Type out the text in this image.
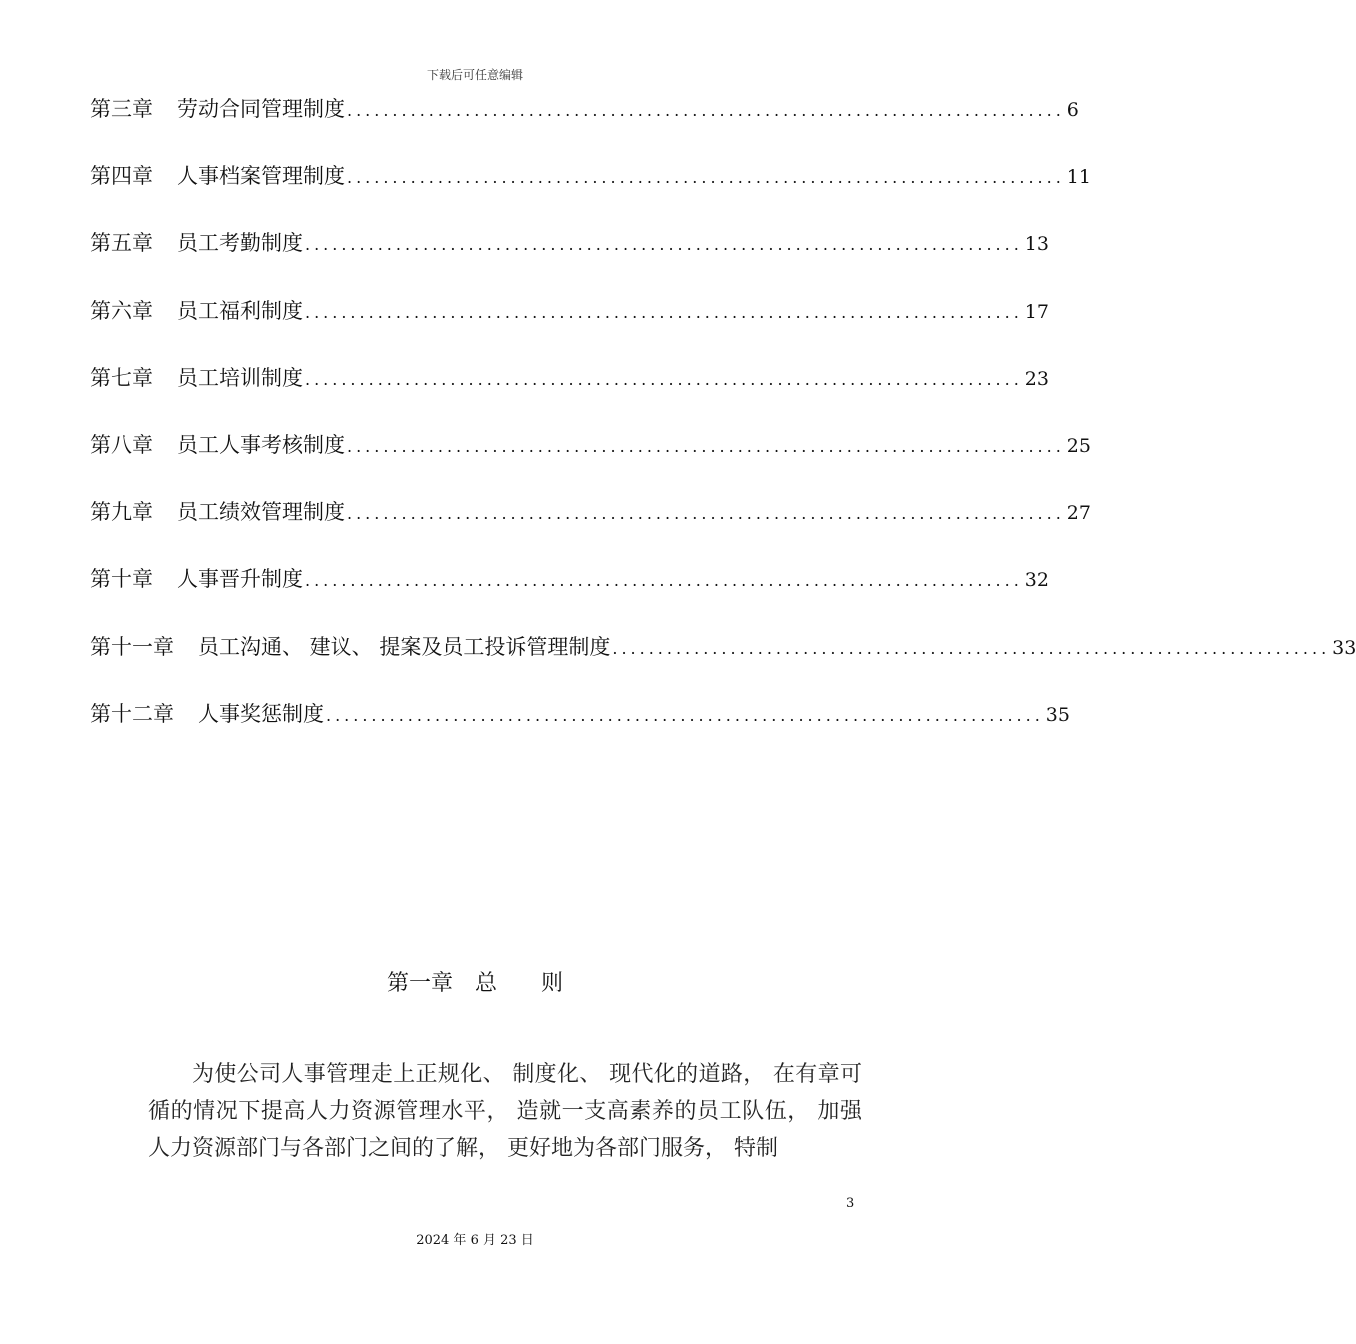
下载后可任意编辑
第三章 劳动合同管理制度 ............................................................................... 6
第四章 人事档案管理制度 ............................................................................... 11
第五章 员工考勤制度 ............................................................................... 13
第六章 员工福利制度 ............................................................................... 17
第七章 员工培训制度 ............................................................................... 23
第八章 员工人事考核制度 ............................................................................... 25
第九章 员工绩效管理制度 ............................................................................... 27
第十章 人事晋升制度 ............................................................................... 32
第十一章 员工沟通、 建议、 提案及员工投诉管理制度 ............................................................................... 33
第十二章 人事奖惩制度 ............................................................................... 35
第一章　 总　　则

为使公司人事管理走上正规化、 制度化、 现代化的道路， 在有章可循的情况下提高人力资源管理水平， 造就一支高素养的员工队伍， 加强人力资源部门与各部门之间的了解， 更好地为各部门服务， 特制

3
2024 年 6 月 23 日
